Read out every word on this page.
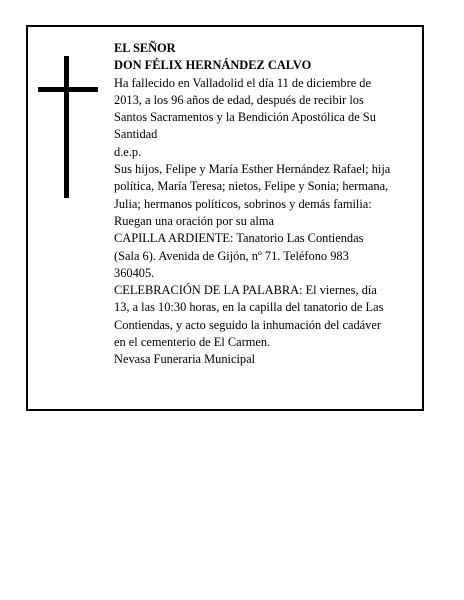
EL SEÑOR
DON FÉLIX HERNÁNDEZ CALVO
Ha fallecido en Valladolid el día 11 de diciembre de
2013, a los 96 años de edad, después de recibir los
Santos Sacramentos y la Bendición Apostólica de Su
Santidad
d.e.p.
Sus hijos, Felipe y María Esther Hernández Rafael; hija
política, María Teresa; nietos, Felipe y Sonia; hermana,
Julia; hermanos políticos, sobrinos y demás familia:
Ruegan una oración por su alma
CAPILLA ARDIENTE: Tanatorio Las Contiendas
(Sala 6). Avenida de Gijón, nº 71. Teléfono 983
360405.
CELEBRACIÓN DE LA PALABRA: El viernes, día
13, a las 10:30 horas, en la capilla del tanatorio de Las
Contiendas, y acto seguido la inhumación del cadáver
en el cementerio de El Carmen.
Nevasa Funeraria Municipal
